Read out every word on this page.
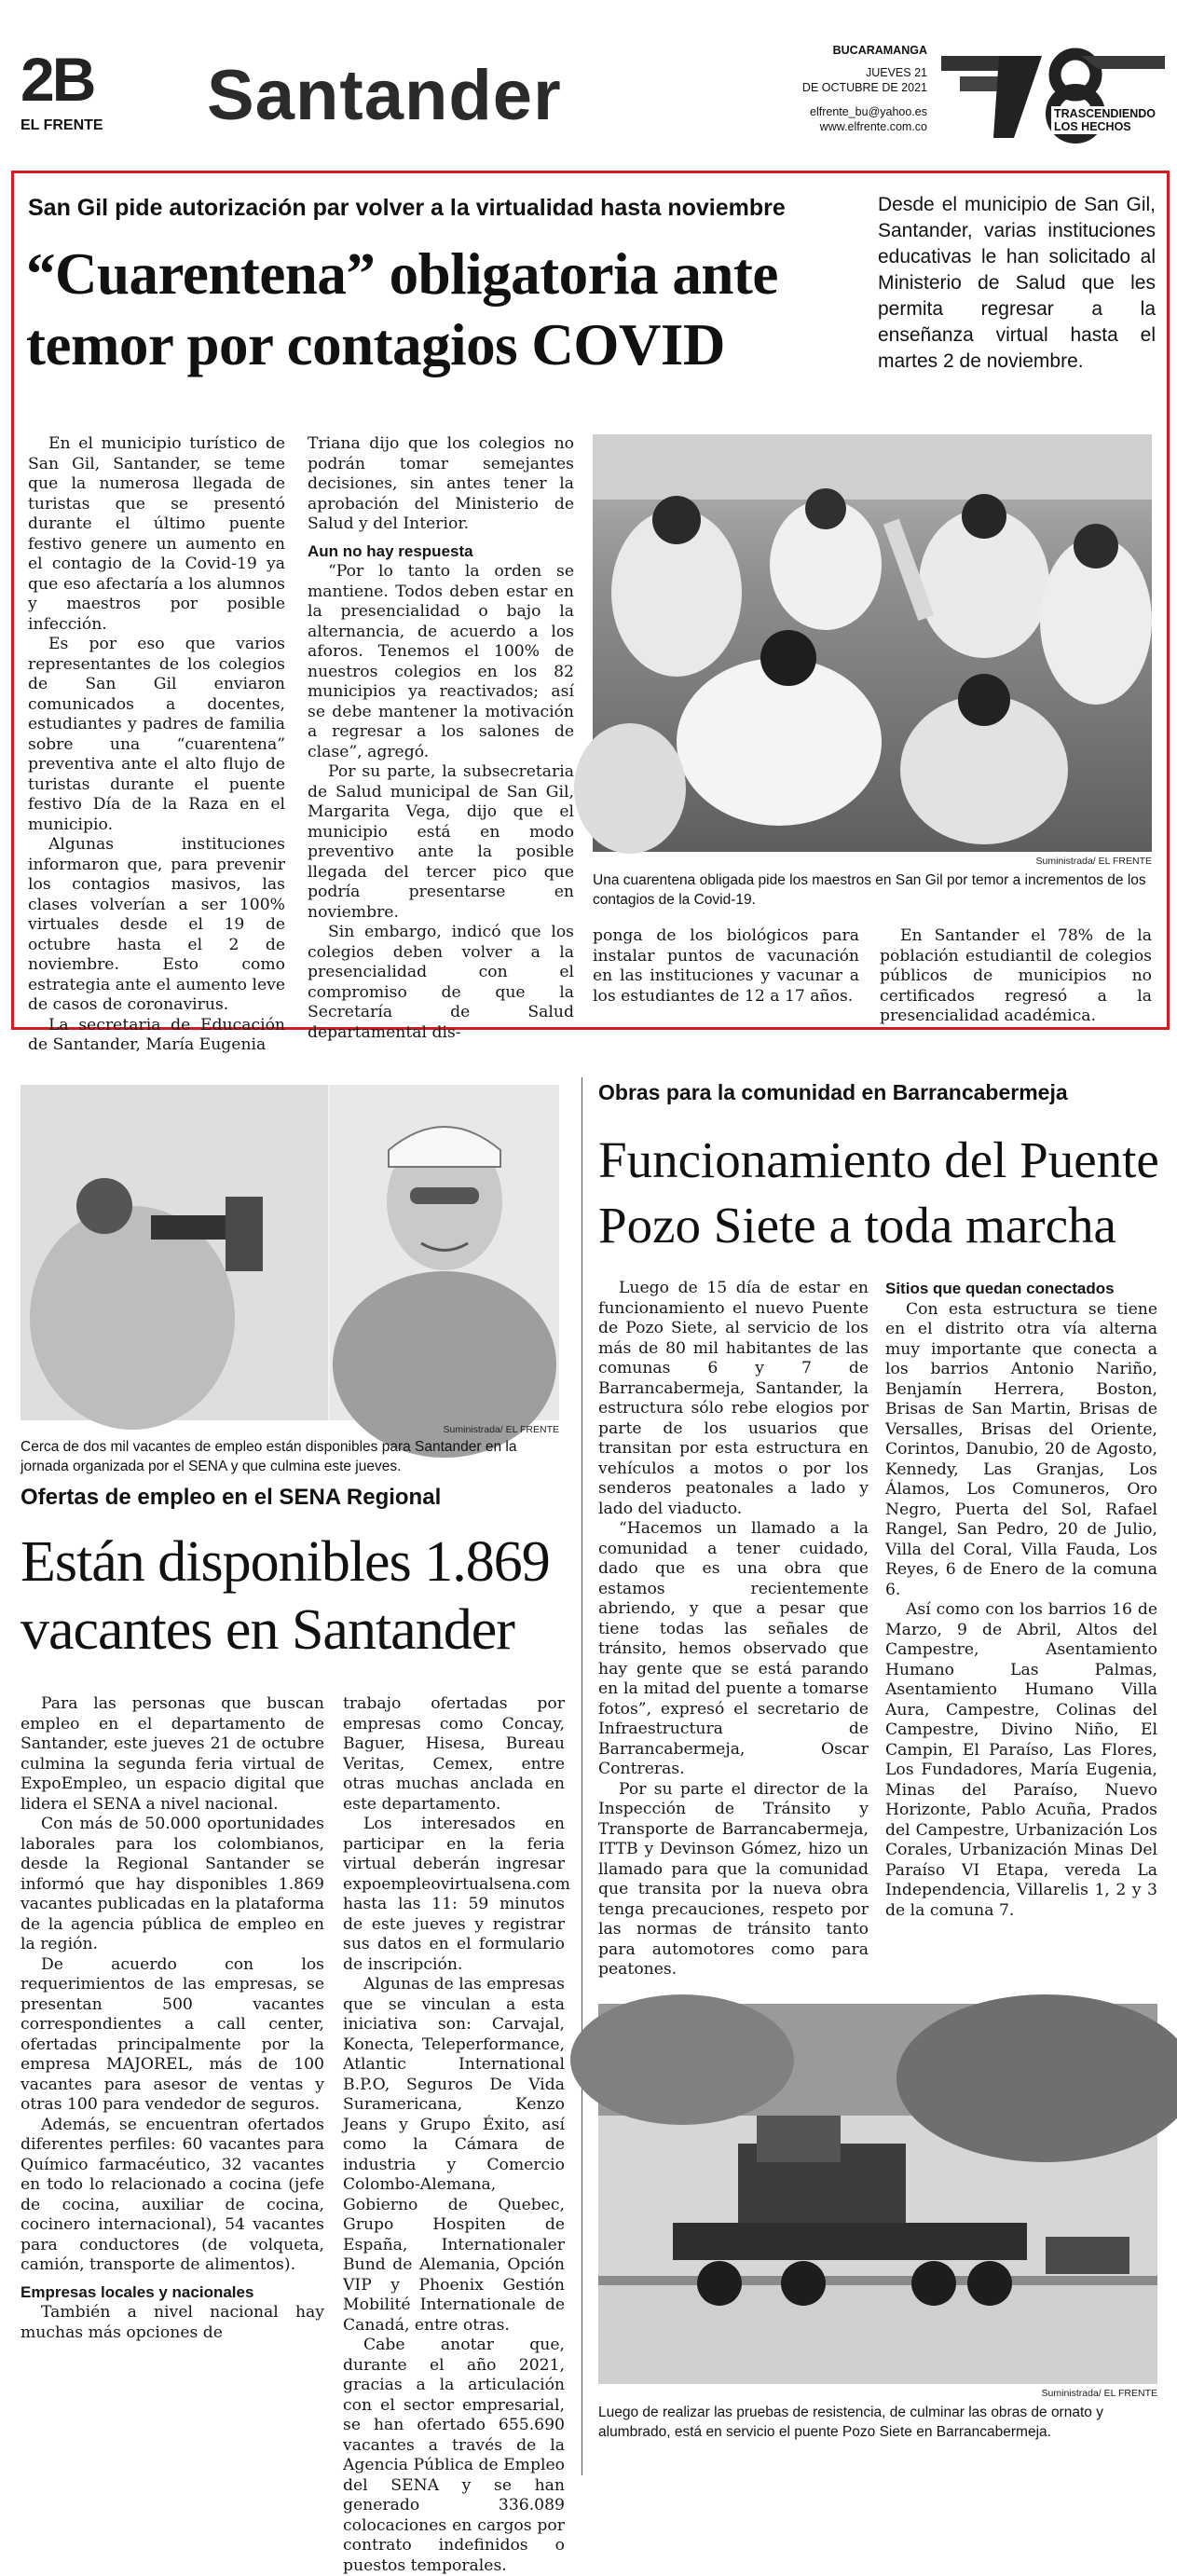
2B
EL FRENTE Santander
BUCARAMANGA
JUEVES 21
DE OCTUBRE DE 2021
elfrente_bu@yahoo.es
www.elfrente.com.co
TRASCENDIENDO
LOS HECHOS
San Gil pide autorización par volver a la virtualidad hasta noviembre
“Cuarentena” obligatoria ante temor por contagios COVID
Desde el municipio de San Gil, Santander, varias instituciones educativas le han solicitado al Ministerio de Salud que les permita regresar a la enseñanza virtual hasta el martes 2 de noviembre.

En el municipio turístico de San Gil, Santander, se teme que la numerosa llegada de turistas que se presentó durante el último puente festivo genere un aumento en el contagio de la Covid-19 ya que eso afectaría a los alumnos y maestros por posible infección.

Es por eso que varios representantes de los colegios de San Gil enviaron comunicados a docentes, estudiantes y padres de familia sobre una “cuarentena” preventiva ante el alto flujo de turistas durante el puente festivo Día de la Raza en el municipio.

Algunas instituciones informaron que, para prevenir los contagios masivos, las clases volverían a ser 100% virtuales desde el 19 de octubre hasta el 2 de noviembre. Esto como estrategia ante el aumento leve de casos de coronavirus.

La secretaria de Educación de Santander, María Eugenia

Triana dijo que los colegios no podrán tomar semejantes decisiones, sin antes tener la aprobación del Ministerio de Salud y del Interior.

Aun no hay respuesta

“Por lo tanto la orden se mantiene. Todos deben estar en la presencialidad o bajo la alternancia, de acuerdo a los aforos. Tenemos el 100% de nuestros colegios en los 82 municipios ya reactivados; así se debe mantener la motivación a regresar a los salones de clase”, agregó.

Por su parte, la subsecretaria de Salud municipal de San Gil, Margarita Vega, dijo que el municipio está en modo preventivo ante la posible llegada del tercer pico que podría presentarse en noviembre.

Sin embargo, indicó que los colegios deben volver a la presencialidad con el compromiso de que la Secretaría de Salud departamental dis-

Suministrada/ EL FRENTE
Una cuarentena obligada pide los maestros en San Gil por temor a incrementos de los contagios de la Covid-19.

ponga de los biológicos para instalar puntos de vacunación en las instituciones y vacunar a los estudiantes de 12 a 17 años.

En Santander el 78% de la población estudiantil de colegios públicos de municipios no certificados regresó a la presencialidad académica.

Suministrada/ EL FRENTE
Cerca de dos mil vacantes de empleo están disponibles para Santander en la jornada organizada por el SENA y que culmina este jueves.
Ofertas de empleo en el SENA Regional
Están disponibles 1.869 vacantes en Santander

Para las personas que buscan empleo en el departamento de Santander, este jueves 21 de octubre culmina la segunda feria virtual de ExpoEmpleo, un espacio digital que lidera el SENA a nivel nacional.

Con más de 50.000 oportunidades laborales para los colombianos, desde la Regional Santander se informó que hay disponibles 1.869 vacantes publicadas en la plataforma de la agencia pública de empleo en la región.

De acuerdo con los requerimientos de las empresas, se presentan 500 vacantes correspondientes a call center, ofertadas principalmente por la empresa MAJOREL, más de 100 vacantes para asesor de ventas y otras 100 para vendedor de seguros.

Además, se encuentran ofertados diferentes perfiles: 60 vacantes para Químico farmacéutico, 32 vacantes en todo lo relacionado a cocina (jefe de cocina, auxiliar de cocina, cocinero internacional), 54 vacantes para conductores (de volqueta, camión, transporte de alimentos).

Empresas locales y nacionales

También a nivel nacional hay muchas más opciones de

trabajo ofertadas por empresas como Concay, Baguer, Hisesa, Bureau Veritas, Cemex, entre otras muchas anclada en este departamento.

Los interesados en participar en la feria virtual deberán ingresar expoempleovirtualsena.com hasta las 11: 59 minutos de este jueves y registrar sus datos en el formulario de inscripción.

Algunas de las empresas que se vinculan a esta iniciativa son: Carvajal, Konecta, Teleperformance, Atlantic International B.P.O, Seguros De Vida Suramericana, Kenzo Jeans y Grupo Éxito, así como la Cámara de industria y Comercio Colombo-Alemana, Gobierno de Quebec, Grupo Hospiten de España, Internationaler Bund de Alemania, Opción VIP y Phoenix Gestión Mobilité Internationale de Canadá, entre otras.

Cabe anotar que, durante el año 2021, gracias a la articulación con el sector empresarial, se han ofertado 655.690 vacantes a través de la Agencia Pública de Empleo del SENA y se han generado 336.089 colocaciones en cargos por contrato indefinidos o puestos temporales.

Obras para la comunidad en Barrancabermeja
Funcionamiento del Puente Pozo Siete a toda marcha

Luego de 15 día de estar en funcionamiento el nuevo Puente de Pozo Siete, al servicio de los más de 80 mil habitantes de las comunas 6 y 7 de Barrancabermeja, Santander, la estructura sólo rebe elogios por parte de los usuarios que transitan por esta estructura en vehículos a motos o por los senderos peatonales a lado y lado del viaducto.

“Hacemos un llamado a la comunidad a tener cuidado, dado que es una obra que estamos recientemente abriendo, y que a pesar que tiene todas las señales de tránsito, hemos observado que hay gente que se está parando en la mitad del puente a tomarse fotos”, expresó el secretario de Infraestructura de Barrancabermeja, Oscar Contreras.

Por su parte el director de la Inspección de Tránsito y Transporte de Barrancabermeja, ITTB y Devinson Gómez, hizo un llamado para que la comunidad que transita por la nueva obra tenga precauciones, respeto por las normas de tránsito tanto para automotores como para peatones.

Sitios que quedan conectados

Con esta estructura se tiene en el distrito otra vía alterna muy importante que conecta a los barrios Antonio Nariño, Benjamín Herrera, Boston, Brisas de San Martin, Brisas de Versalles, Brisas del Oriente, Corintos, Danubio, 20 de Agosto, Kennedy, Las Granjas, Los Álamos, Los Comuneros, Oro Negro, Puerta del Sol, Rafael Rangel, San Pedro, 20 de Julio, Villa del Coral, Villa Fauda, Los Reyes, 6 de Enero de la comuna 6.

Así como con los barrios 16 de Marzo, 9 de Abril, Altos del Campestre, Asentamiento Humano Las Palmas, Asentamiento Humano Villa Aura, Campestre, Colinas del Campestre, Divino Niño, El Campin, El Paraíso, Las Flores, Los Fundadores, María Eugenia, Minas del Paraíso, Nuevo Horizonte, Pablo Acuña, Prados del Campestre, Urbanización Los Corales, Urbanización Minas Del Paraíso VI Etapa, vereda La Independencia, Villarelis 1, 2 y 3 de la comuna 7.

Suministrada/ EL FRENTE
Luego de realizar las pruebas de resistencia, de culminar las obras de ornato y alumbrado, está en servicio el puente Pozo Siete en Barrancabermeja.
